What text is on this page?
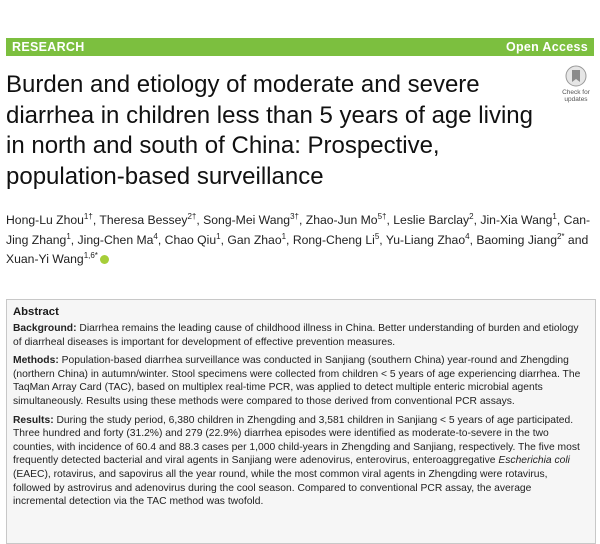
RESEARCH	Open Access
Burden and etiology of moderate and severe diarrhea in children less than 5 years of age living in north and south of China: Prospective, population-based surveillance
Check for
updates

Hong-Lu Zhou$^{1\dagger}$, Theresa Bessey$^{2\dagger}$, Song-Mei Wang$^{3\dagger}$, Zhao-Jun $Mo^{5\dagger}$, Leslie Barclay$^2$, Jin-Xia Wang$^1$, Can-Jing Zhang$^1$, Jing-Chen Ma$^4$, Chao Qiu$^1$, Gan Zhao$^1$, Rong-Cheng Li$^5$, Yu-Liang Zhao$^4$, Baoming Jiang$^{2*}$ and Xuan-Yi Wang$^{1,6*}$

Abstract

Background: Diarrhea remains the leading cause of childhood illness in China. Better understanding of burden and etiology of diarrheal diseases is important for development of effective prevention measures.

Methods: Population-based diarrhea surveillance was conducted in Sanjiang (southern China) year-round and Zhengding (northern China) in autumn/winter. Stool specimens were collected from children < 5 years of age experiencing diarrhea. The TaqMan Array Card (TAC), based on multiplex real-time PCR, was applied to detect multiple enteric microbial agents simultaneously. Results using these methods were compared to those derived from conventional PCR assays.

Results: During the study period, 6,380 children in Zhengding and 3,581 children in Sanjiang < 5 years of age participated. Three hundred and forty (31.2%) and 279 (22.9%) diarrhea episodes were identified as moderate-to-severe in the two counties, with incidence of 60.4 and 88.3 cases per 1,000 child-years in Zhengding and Sanjiang, respectively. The five most frequently detected bacterial and viral agents in Sanjiang were adenovirus, enterovirus, enteroaggregative Escherichia coli (EAEC), rotavirus, and sapovirus all the year round, while the most common viral agents in Zhengding were rotavirus, followed by astrovirus and adenovirus during the cool season. Compared to conventional PCR assay, the average incremental detection via the TAC method was twofold.
